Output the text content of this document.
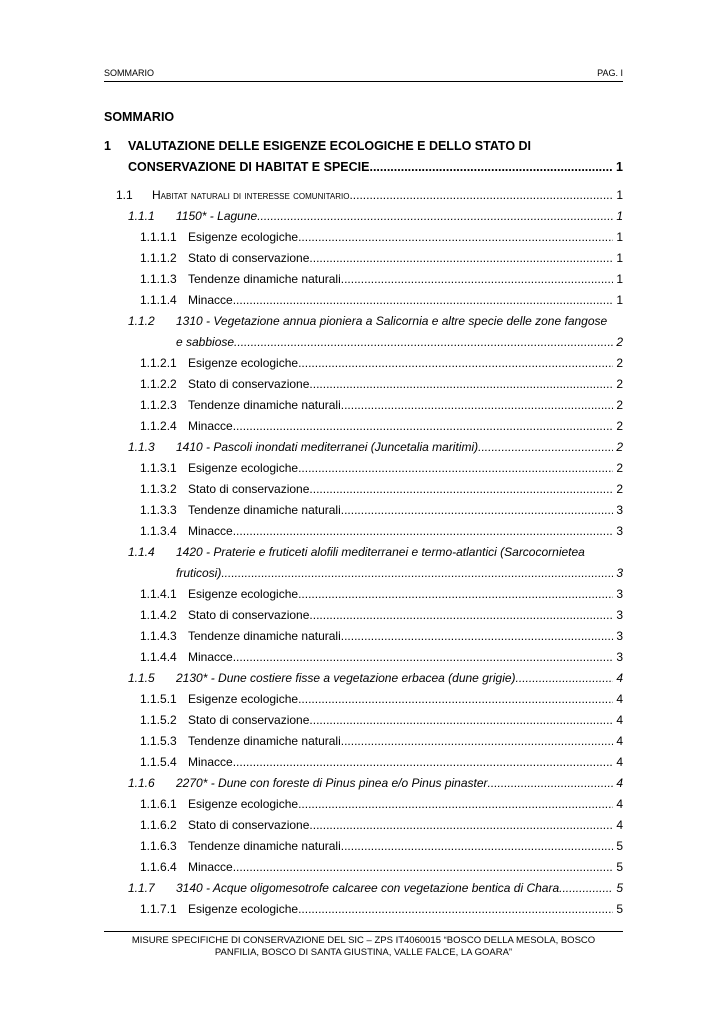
SOMMARIO	PAG. I
SOMMARIO
1 VALUTAZIONE DELLE ESIGENZE ECOLOGICHE E DELLO STATO DI
CONSERVAZIONE DI HABITAT E SPECIE .....	1
1.1 Habitat naturali di interesse comunitario .....	1
1.1.1 1150* - Lagune .....	1
1.1.1.1 Esigenze ecologiche .....	1
1.1.1.2 Stato di conservazione .....	1
1.1.1.3 Tendenze dinamiche naturali .....	1
1.1.1.4 Minacce .....	1
1.1.2 1310 - Vegetazione annua pioniera a Salicornia e altre specie delle zone fangose
e sabbiose .....	2
1.1.2.1 Esigenze ecologiche .....	2
1.1.2.2 Stato di conservazione .....	2
1.1.2.3 Tendenze dinamiche naturali .....	2
1.1.2.4 Minacce .....	2
1.1.3 1410 - Pascoli inondati mediterranei (Juncetalia maritimi) .....	2
1.1.3.1 Esigenze ecologiche .....	2
1.1.3.2 Stato di conservazione .....	2
1.1.3.3 Tendenze dinamiche naturali .....	3
1.1.3.4 Minacce .....	3
1.1.4 1420 - Praterie e fruticeti alofili mediterranei e termo-atlantici (Sarcocornietea
fruticosi) .....	3
1.1.4.1 Esigenze ecologiche .....	3
1.1.4.2 Stato di conservazione .....	3
1.1.4.3 Tendenze dinamiche naturali .....	3
1.1.4.4 Minacce .....	3
1.1.5 2130* - Dune costiere fisse a vegetazione erbacea (dune grigie) .....	4
1.1.5.1 Esigenze ecologiche .....	4
1.1.5.2 Stato di conservazione .....	4
1.1.5.3 Tendenze dinamiche naturali .....	4
1.1.5.4 Minacce .....	4
1.1.6 2270* - Dune con foreste di Pinus pinea e/o Pinus pinaster .....	4
1.1.6.1 Esigenze ecologiche .....	4
1.1.6.2 Stato di conservazione .....	4
1.1.6.3 Tendenze dinamiche naturali .....	5
1.1.6.4 Minacce .....	5
1.1.7 3140 - Acque oligomesotrofe calcaree con vegetazione bentica di Chara .....	5
1.1.7.1 Esigenze ecologiche .....	5
MISURE SPECIFICHE DI CONSERVAZIONE DEL SIC – ZPS IT4060015 “BOSCO DELLA MESOLA, BOSCO
PANFILIA, BOSCO DI SANTA GIUSTINA, VALLE FALCE, LA GOARA”
